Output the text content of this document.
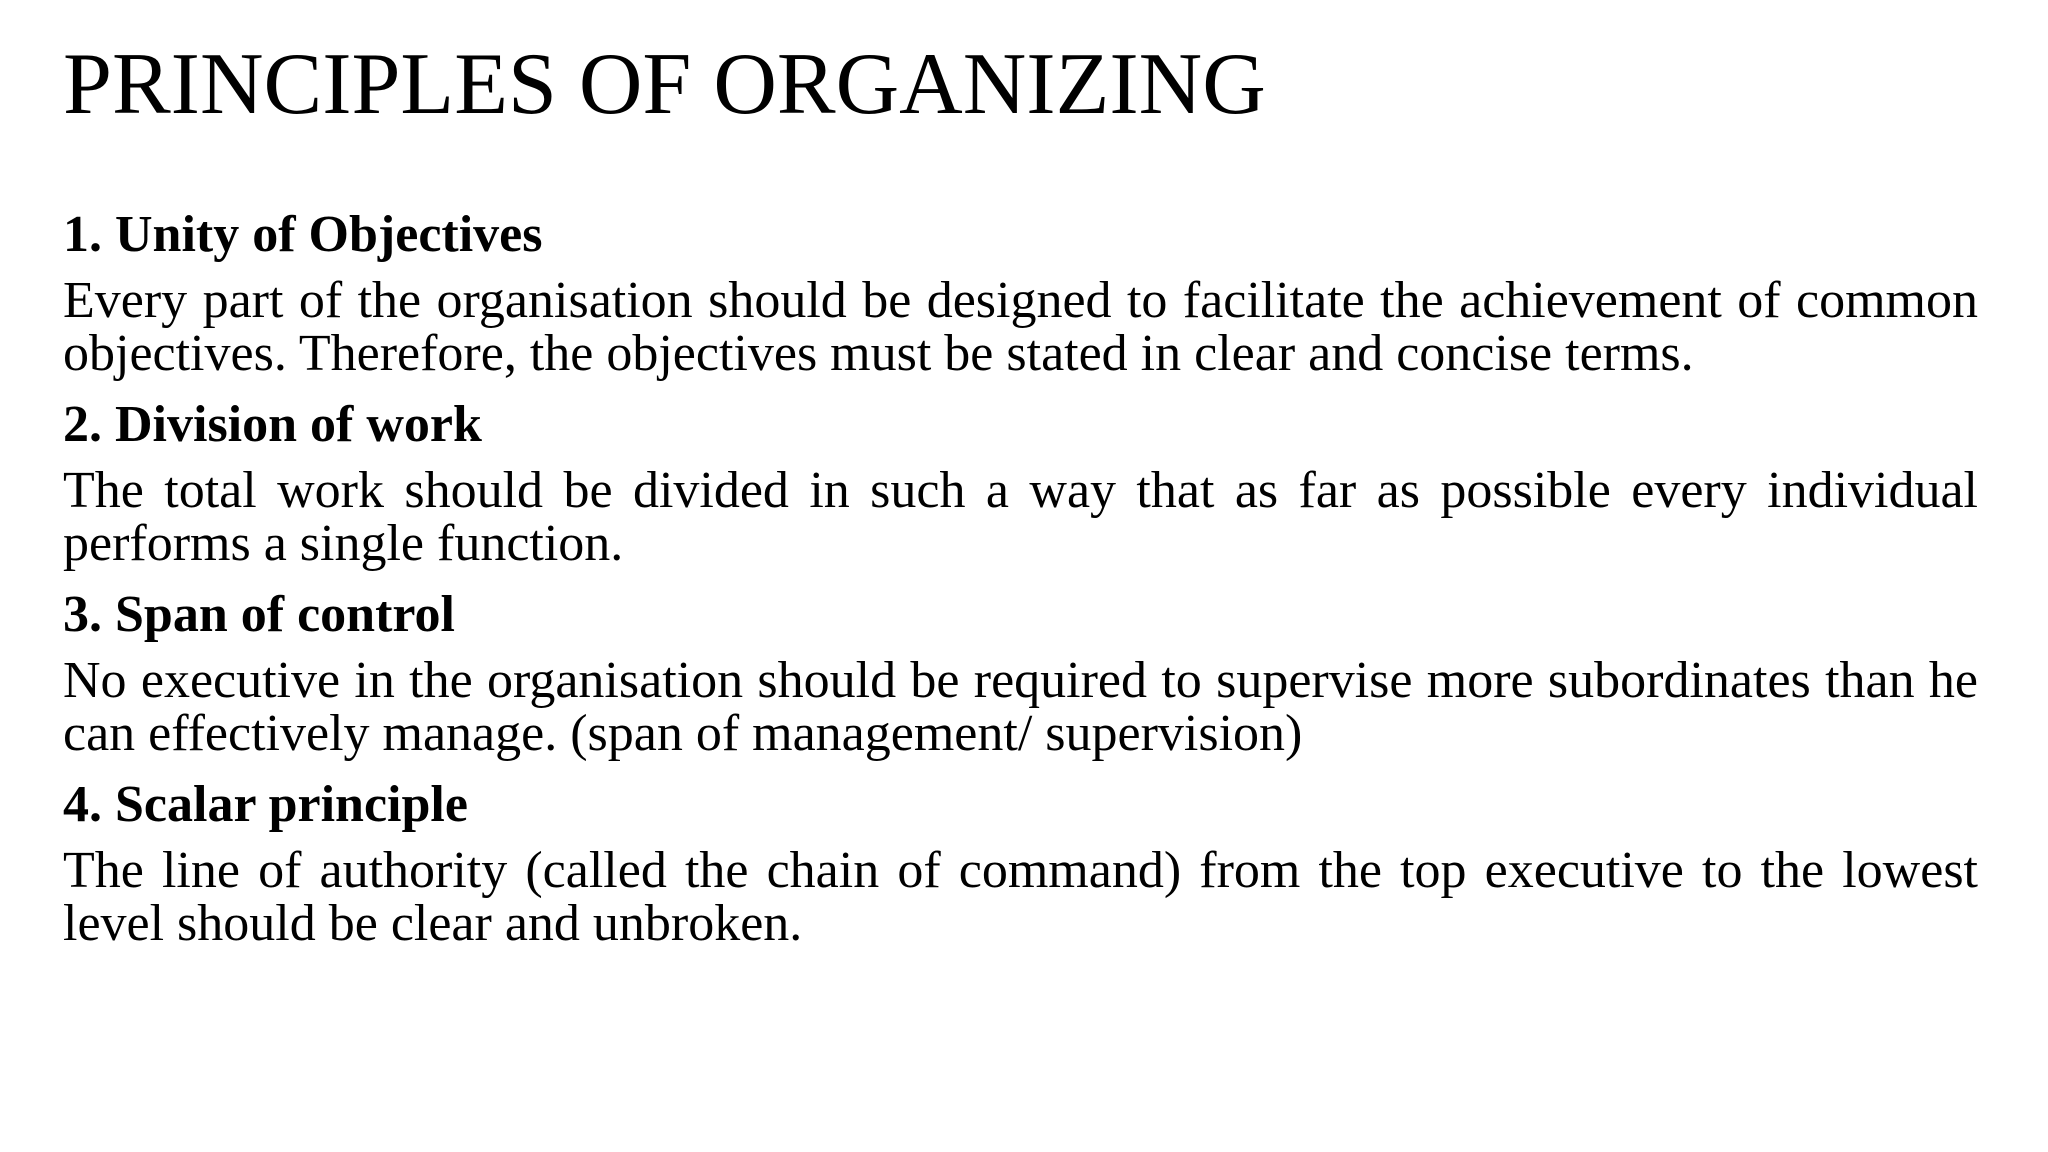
PRINCIPLES OF ORGANIZING
1. Unity of Objectives

Every part of the organisation should be designed to facilitate the achievement of common objectives. Therefore, the objectives must be stated in clear and concise terms.

2. Division of work

The total work should be divided in such a way that as far as possible every individual performs a single function.

3. Span of control

No executive in the organisation should be required to supervise more subordinates than he can effectively manage. (span of management/ supervision)

4. Scalar principle

The line of authority (called the chain of command) from the top executive to the lowest level should be clear and unbroken.
